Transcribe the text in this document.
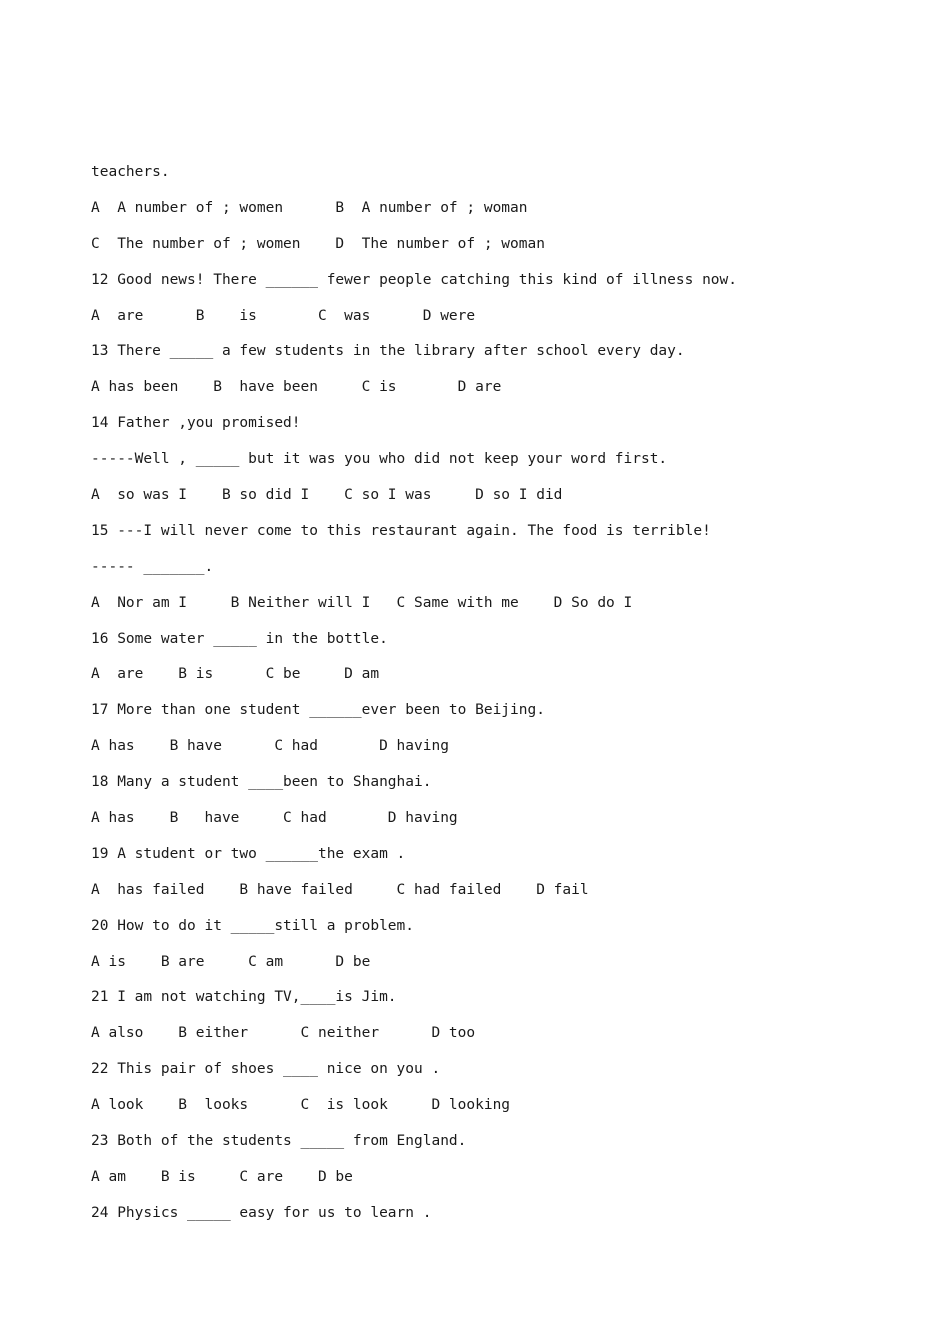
teachers.
A  A number of ; women      B  A number of ; woman
C  The number of ; women    D  The number of ; woman
12 Good news! There ______ fewer people catching this kind of illness now.
A  are      B    is       C  was      D were
13 There _____ a few students in the library after school every day.
A has been    B  have been     C is       D are
14 Father ,you promised!
-----Well , _____ but it was you who did not keep your word first.
A  so was I    B so did I    C so I was     D so I did
15 ---I will never come to this restaurant again. The food is terrible!
----- _______.
A  Nor am I     B Neither will I   C Same with me    D So do I
16 Some water _____ in the bottle.
A  are    B is      C be     D am
17 More than one student ______ever been to Beijing.
A has    B have      C had       D having
18 Many a student ____been to Shanghai.
A has    B   have     C had       D having
19 A student or two ______the exam .
A  has failed    B have failed     C had failed    D fail
20 How to do it _____still a problem.
A is    B are     C am      D be
21 I am not watching TV,____is Jim.
A also    B either      C neither      D too
22 This pair of shoes ____ nice on you .
A look    B  looks      C  is look     D looking
23 Both of the students _____ from England.
A am    B is     C are    D be
24 Physics _____ easy for us to learn .
